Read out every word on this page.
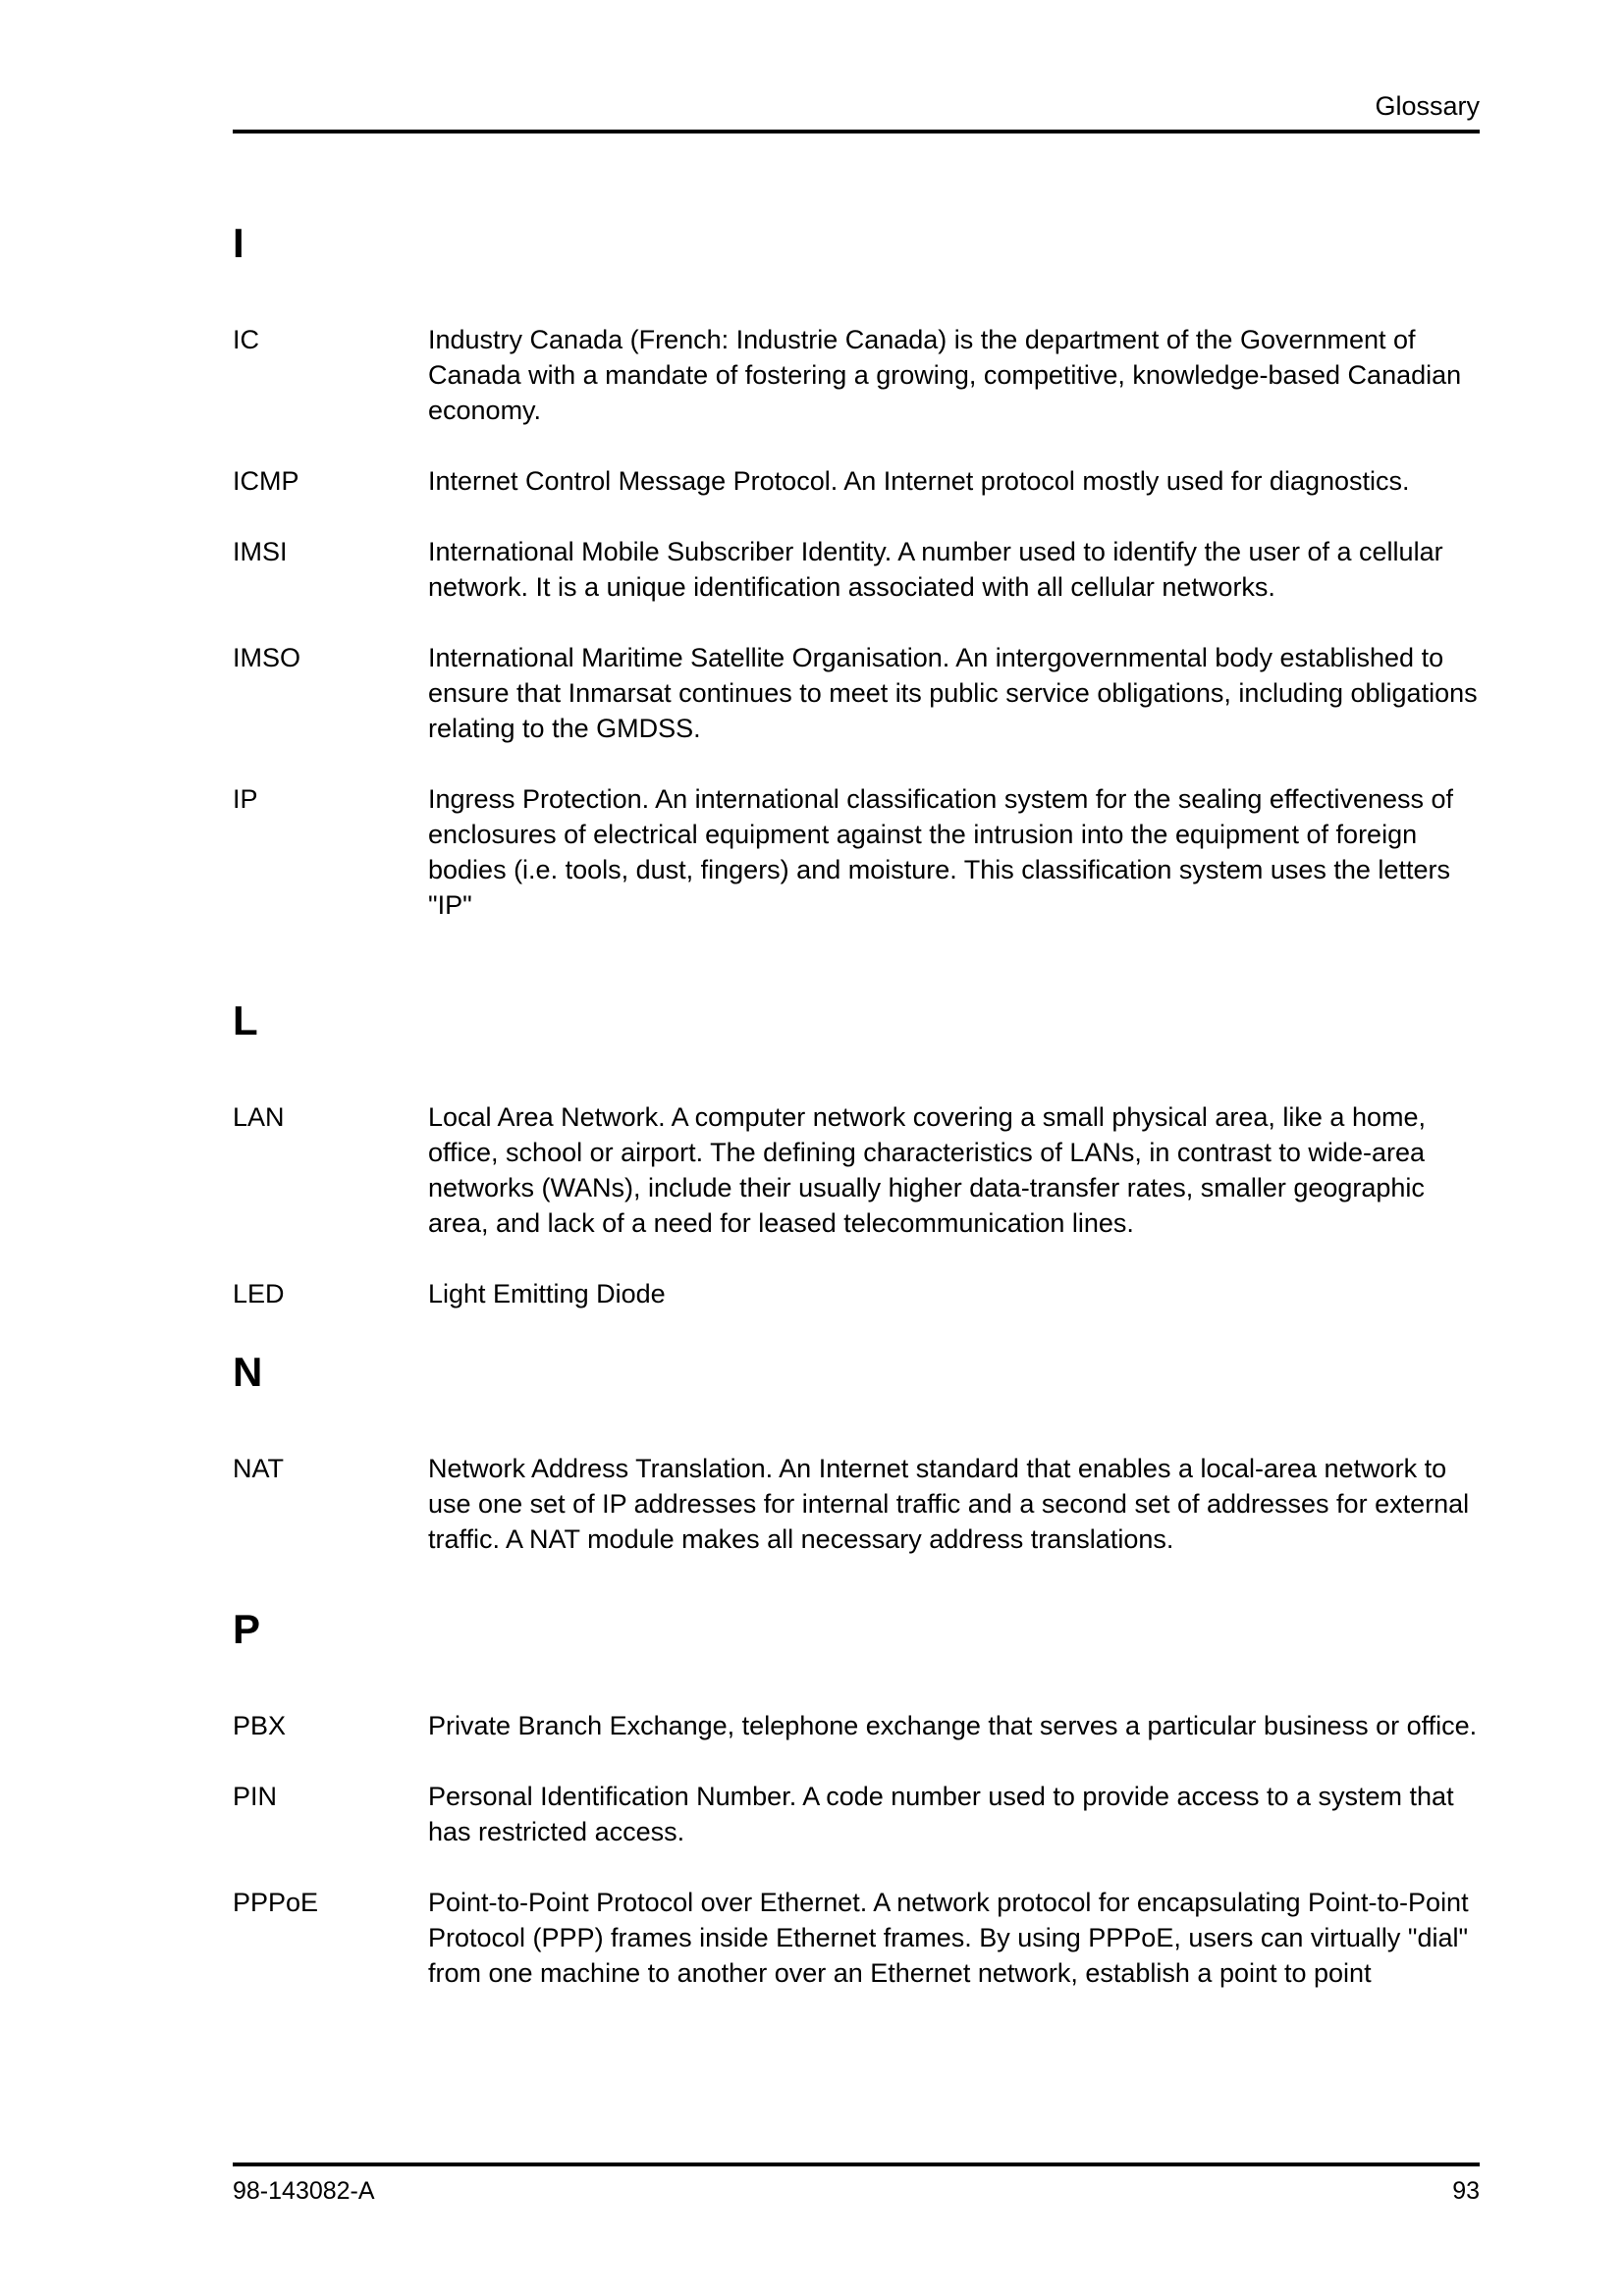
Glossary
I
IC	Industry Canada (French: Industrie Canada) is the department of the Government of Canada with a mandate of fostering a growing, competitive, knowledge-based Canadian economy.
ICMP	Internet Control Message Protocol. An Internet protocol mostly used for diagnostics.
IMSI	International Mobile Subscriber Identity. A number used to identify the user of a cellular network. It is a unique identification associated with all cellular networks.
IMSO	International Maritime Satellite Organisation. An intergovernmental body established to ensure that Inmarsat continues to meet its public service obligations, including obligations relating to the GMDSS.
IP	Ingress Protection. An international classification system for the sealing effectiveness of enclosures of electrical equipment against the intrusion into the equipment of foreign bodies (i.e. tools, dust, fingers) and moisture. This classification system uses the letters "IP"
L
LAN	Local Area Network. A computer network covering a small physical area, like a home, office, school or airport. The defining characteristics of LANs, in contrast to wide-area networks (WANs), include their usually higher data-transfer rates, smaller geographic area, and lack of a need for leased telecommunication lines.
LED	Light Emitting Diode
N
NAT	Network Address Translation. An Internet standard that enables a local-area network to use one set of IP addresses for internal traffic and a second set of addresses for external traffic. A NAT module makes all necessary address translations.
P
PBX	Private Branch Exchange, telephone exchange that serves a particular business or office.
PIN	Personal Identification Number. A code number used to provide access to a system that has restricted access.
PPPoE	Point-to-Point Protocol over Ethernet. A network protocol for encapsulating Point-to-Point Protocol (PPP) frames inside Ethernet frames. By using PPPoE, users can virtually "dial" from one machine to another over an Ethernet network, establish a point to point
98-143082-A	93
